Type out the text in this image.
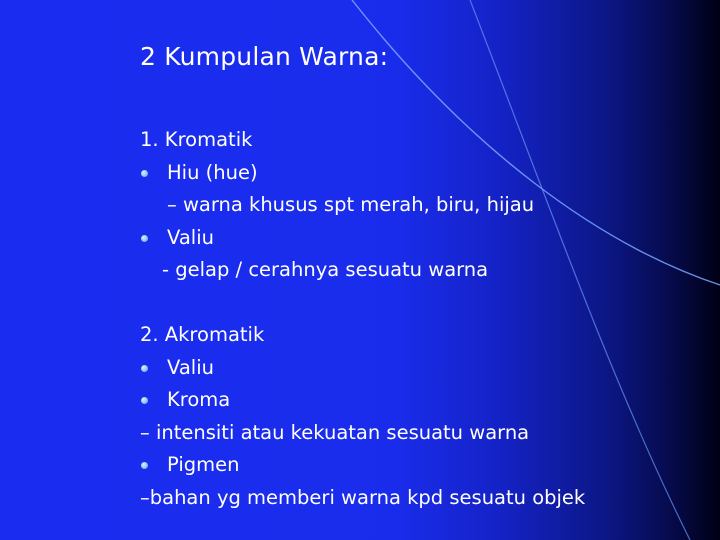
2 Kumpulan Warna:
1. Kromatik
Hiu (hue)
– warna khusus spt merah, biru, hijau
Valiu
- gelap / cerahnya sesuatu warna
2. Akromatik
Valiu
Kroma
– intensiti atau kekuatan sesuatu warna
Pigmen
–bahan yg memberi warna kpd sesuatu objek
